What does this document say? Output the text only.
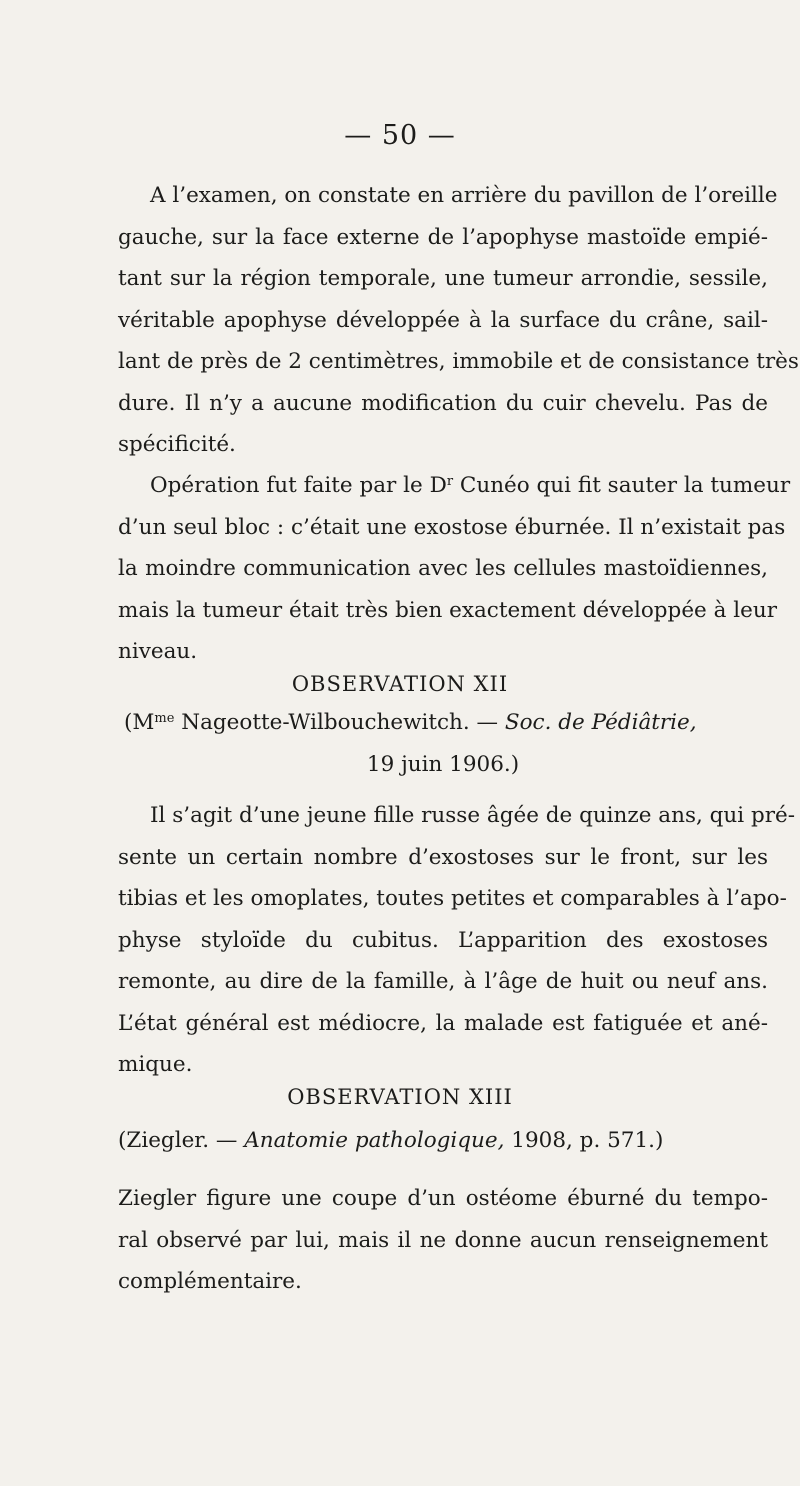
— 50 —
A l’examen, on constate en arrière du pavillon de l’oreille
gauche, sur la face externe de l’apophyse mastoïde empié-
tant sur la région temporale, une tumeur arrondie, sessile,
véritable apophyse développée à la surface du crâne, sail-
lant de près de 2 centimètres, immobile et de consistance très
dure. Il n’y a aucune modification du cuir chevelu. Pas de
spécificité.
Opération fut faite par le $D^r$ Cunéo qui fit sauter la tumeur
d’un seul bloc : c’était une exostose éburnée. Il n’existait pas
la moindre communication avec les cellules mastoïdiennes,
mais la tumeur était très bien exactement développée à leur
niveau.
OBSERVATION XII
($M^{me}$ Nageotte-Wilbouchewitch. — Soc. de Pédiâtrie,
19 juin 1906.)
Il s’agit d’une jeune fille russe âgée de quinze ans, qui pré-
sente un certain nombre d’exostoses sur le front, sur les
tibias et les omoplates, toutes petites et comparables à l’apo-
physe styloïde du cubitus. L’apparition des exostoses
remonte, au dire de la famille, à l’âge de huit ou neuf ans.
L’état général est médiocre, la malade est fatiguée et ané-
mique.
OBSERVATION XIII
(Ziegler. — Anatomie pathologique, 1908, p. 571.)
Ziegler figure une coupe d’un ostéome éburné du tempo-
ral observé par lui, mais il ne donne aucun renseignement
complémentaire.
